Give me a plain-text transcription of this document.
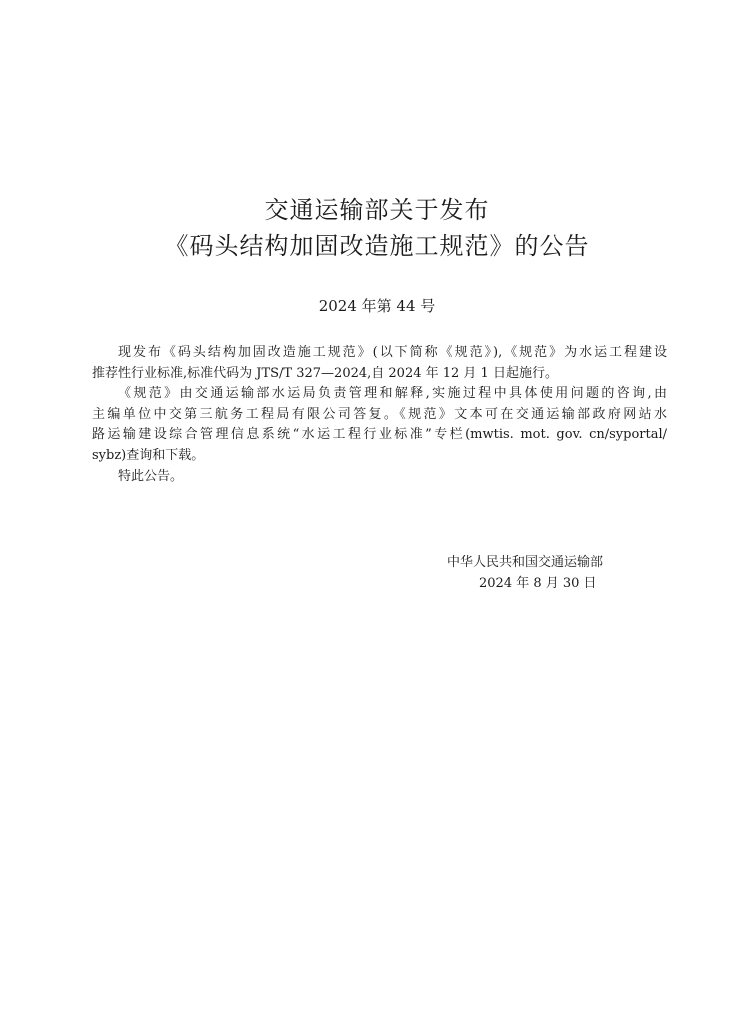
交通运输部关于发布
《码头结构加固改造施工规范》的公告
2024 年第 44 号
现发布《码头结构加固改造施工规范》(以下简称《规范》),《规范》为水运工程建设
推荐性行业标准,标准代码为 JTS/T 327—2024,自 2024 年 12 月 1 日起施行。
《规范》由交通运输部水运局负责管理和解释,实施过程中具体使用问题的咨询,由
主编单位中交第三航务工程局有限公司答复。《规范》文本可在交通运输部政府网站水
路运输建设综合管理信息系统“水运工程行业标准”专栏(mwtis. mot. gov. cn/syportal/
sybz)查询和下载。
特此公告。
中华人民共和国交通运输部
2024 年 8 月 30 日
